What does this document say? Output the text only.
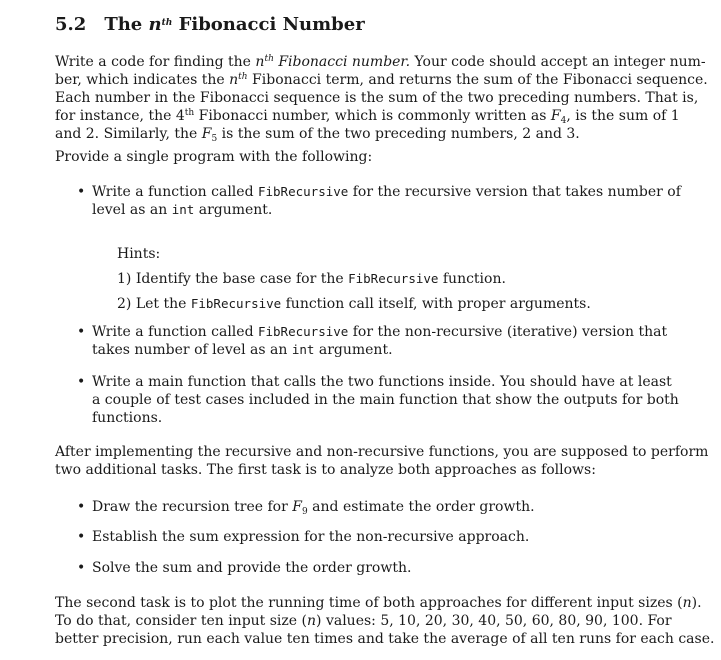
5.2 The $n^{th}$ Fibonacci Number
Write a code for finding the $n^{th}$ Fibonacci number. Your code should accept an integer num-
ber, which indicates the $n^{th}$ Fibonacci term, and returns the sum of the Fibonacci sequence.
Each number in the Fibonacci sequence is the sum of the two preceding numbers. That is,
for instance, the 4th Fibonacci number, which is commonly written as $F_4$, is the sum of 1
and 2. Similarly, the $F_5$ is the sum of the two preceding numbers, 2 and 3.
Provide a single program with the following:
• Write a function called FibRecursive for the recursive version that takes number of
level as an int argument.
Hints:
1) Identify the base case for the FibRecursive function.
2) Let the FibRecursive function call itself, with proper arguments.
• Write a function called FibRecursive for the non-recursive (iterative) version that
takes number of level as an int argument.
• Write a main function that calls the two functions inside. You should have at least
a couple of test cases included in the main function that show the outputs for both
functions.
After implementing the recursive and non-recursive functions, you are supposed to perform
two additional tasks. The first task is to analyze both approaches as follows:
• Draw the recursion tree for $F_9$ and estimate the order growth.
• Establish the sum expression for the non-recursive approach.
• Solve the sum and provide the order growth.
The second task is to plot the running time of both approaches for different input sizes (n).
To do that, consider ten input size (n) values: 5, 10, 20, 30, 40, 50, 60, 80, 90, 100. For
better precision, run each value ten times and take the average of all ten runs for each case.
